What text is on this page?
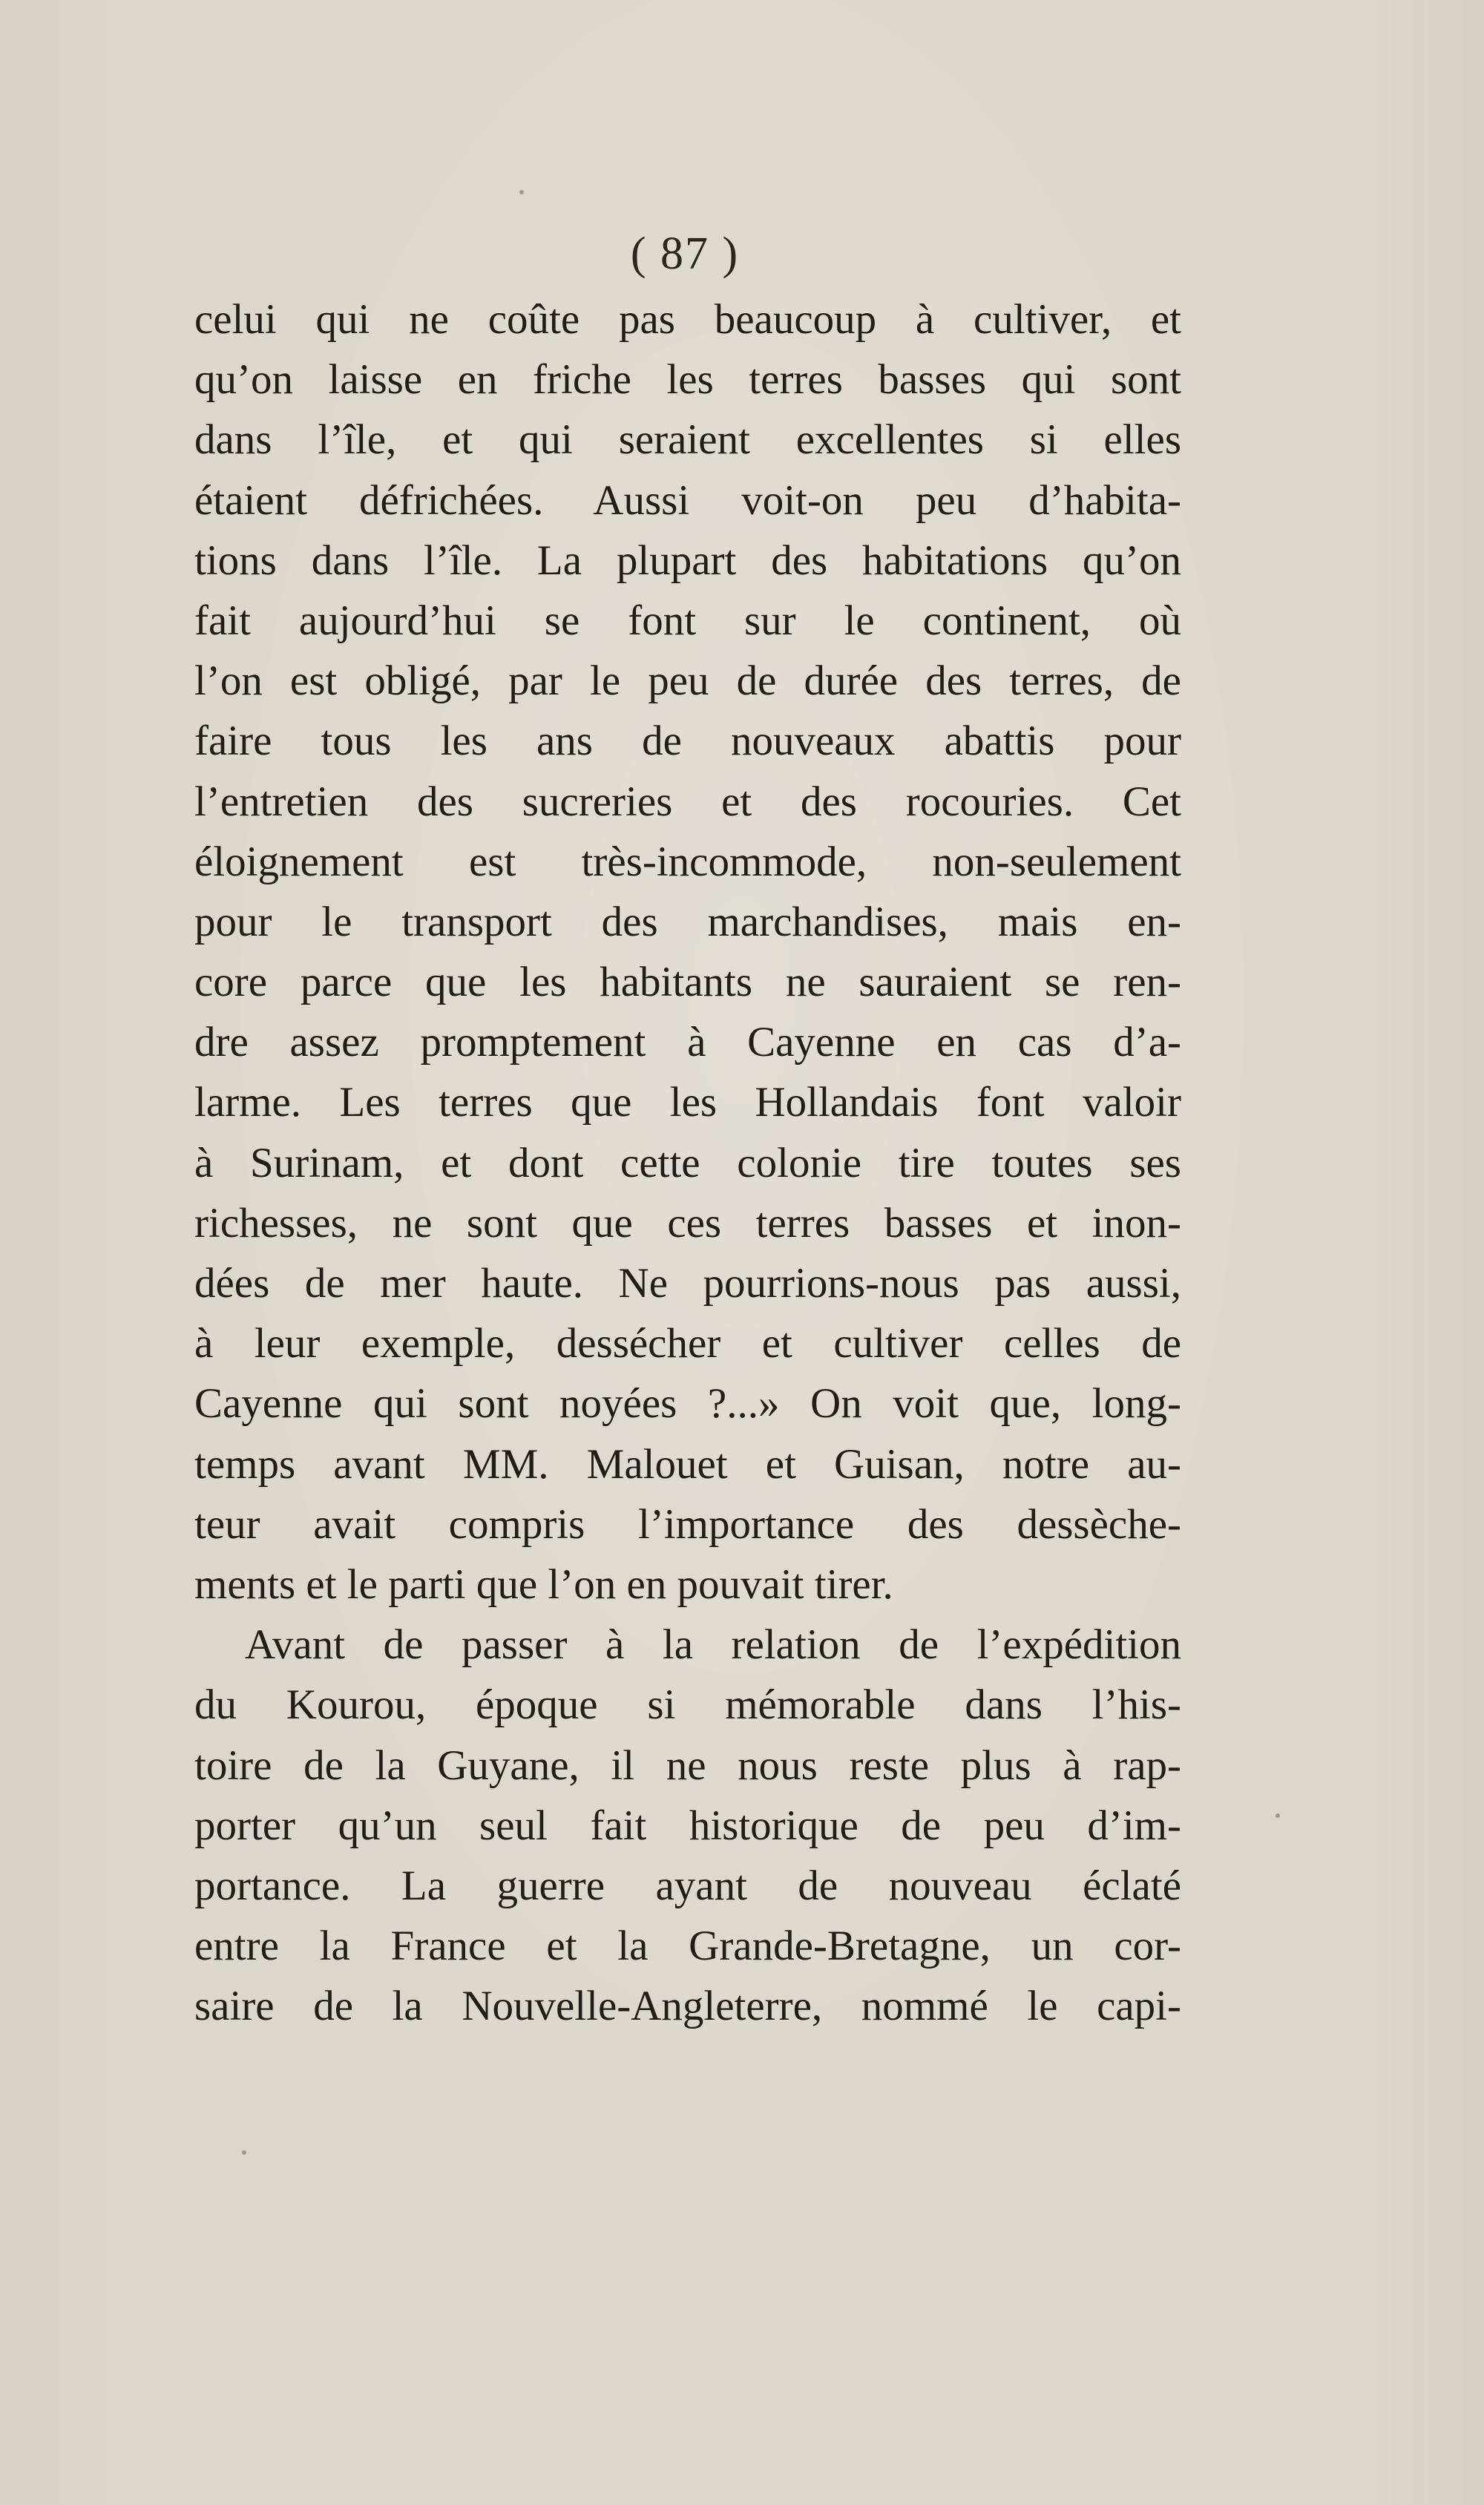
( 87 )
celui qui ne coûte pas beaucoup à cultiver, et
qu’on laisse en friche les terres basses qui sont
dans l’île, et qui seraient excellentes si elles
étaient défrichées. Aussi voit-on peu d’habita-
tions dans l’île. La plupart des habitations qu’on
fait aujourd’hui se font sur le continent, où
l’on est obligé, par le peu de durée des terres, de
faire tous les ans de nouveaux abattis pour
l’entretien des sucreries et des rocouries. Cet
éloignement est très-incommode, non-seulement
pour le transport des marchandises, mais en-
core parce que les habitants ne sauraient se ren-
dre assez promptement à Cayenne en cas d’a-
larme. Les terres que les Hollandais font valoir
à Surinam, et dont cette colonie tire toutes ses
richesses, ne sont que ces terres basses et inon-
dées de mer haute. Ne pourrions-nous pas aussi,
à leur exemple, dessécher et cultiver celles de
Cayenne qui sont noyées ?...» On voit que, long-
temps avant MM. Malouet et Guisan, notre au-
teur avait compris l’importance des dessèche-
ments et le parti que l’on en pouvait tirer.
Avant de passer à la relation de l’expédition
du Kourou, époque si mémorable dans l’his-
toire de la Guyane, il ne nous reste plus à rap-
porter qu’un seul fait historique de peu d’im-
portance. La guerre ayant de nouveau éclaté
entre la France et la Grande-Bretagne, un cor-
saire de la Nouvelle-Angleterre, nommé le capi-
